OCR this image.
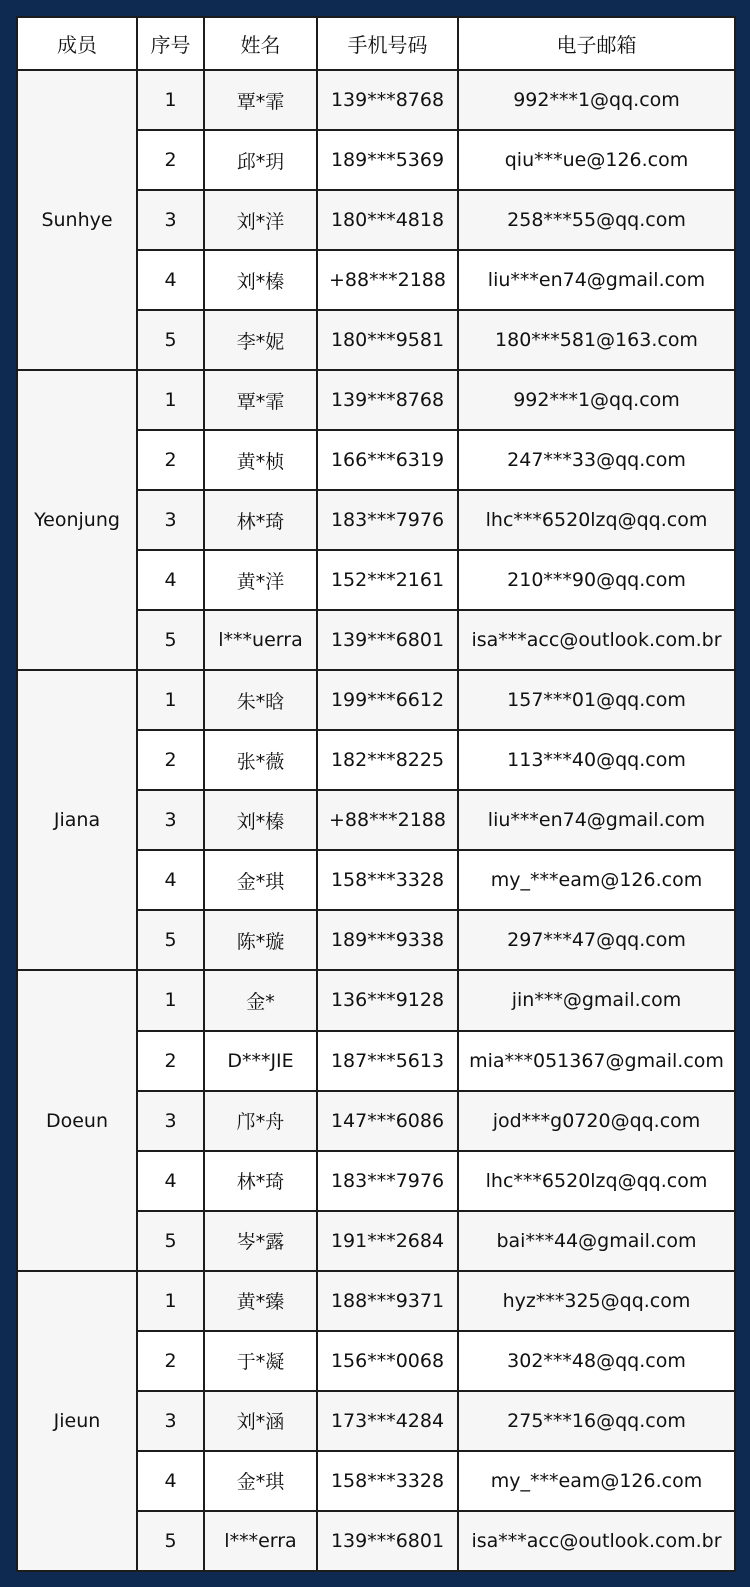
成员	序号	姓名	手机号码	电子邮箱
Sunhye	1	覃*霏	139***8768	992***1@qq.com
	2	邱*玥	189***5369	qiu***ue@126.com
	3	刘*洋	180***4818	258***55@qq.com
	4	刘*榛	+88***2188	liu***en74@gmail.com
	5	李*妮	180***9581	180***581@163.com
Yeonjung	1	覃*霏	139***8768	992***1@qq.com
	2	黄*桢	166***6319	247***33@qq.com
	3	林*琦	183***7976	lhc***6520lzq@qq.com
	4	黄*洋	152***2161	210***90@qq.com
	5	l***uerra	139***6801	isa***acc@outlook.com.br
Jiana	1	朱*晗	199***6612	157***01@qq.com
	2	张*薇	182***8225	113***40@qq.com
	3	刘*榛	+88***2188	liu***en74@gmail.com
	4	金*琪	158***3328	my_***eam@126.com
	5	陈*璇	189***9338	297***47@qq.com
Doeun	1	金*	136***9128	jin***@gmail.com
	2	D***JIE	187***5613	mia***051367@gmail.com
	3	邝*舟	147***6086	jod***g0720@qq.com
	4	林*琦	183***7976	lhc***6520lzq@qq.com
	5	岑*露	191***2684	bai***44@gmail.com
Jieun	1	黄*臻	188***9371	hyz***325@qq.com
	2	于*凝	156***0068	302***48@qq.com
	3	刘*涵	173***4284	275***16@qq.com
	4	金*琪	158***3328	my_***eam@126.com
	5	l***erra	139***6801	isa***acc@outlook.com.br
